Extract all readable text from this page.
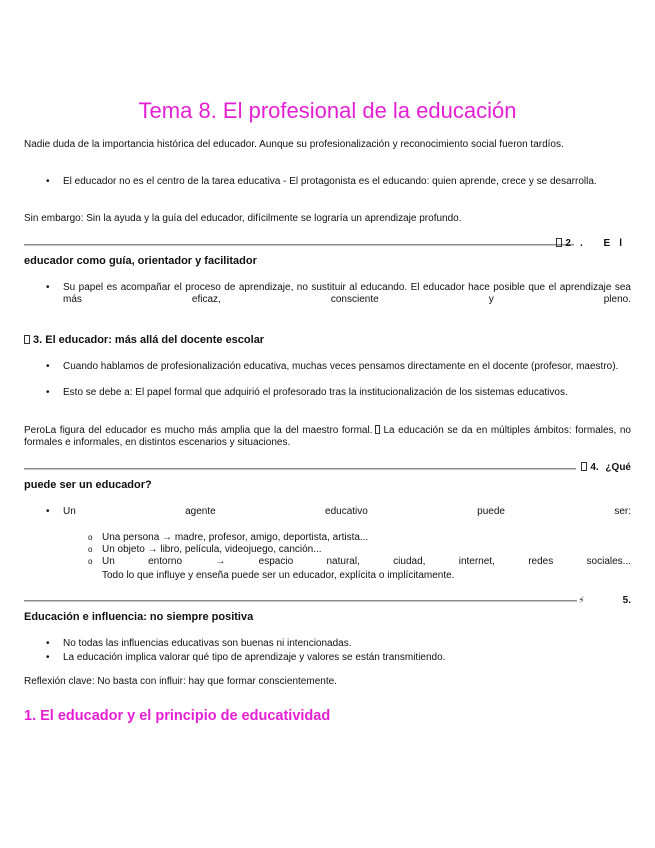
Tema 8. El profesional de la educación

Nadie duda de la importancia histórica del educador. Aunque su profesionalización y reconocimiento social fueron tardíos.

• El educador no es el centro de la tarea educativa - El protagonista es el educando: quien aprende, crece y se desarrolla.

Sin embargo: Sin la ayuda y la guía del educador, difícilmente se lograría un aprendizaje profundo.

2. El
educador como guía, orientador y facilitador
• Su papel es acompañar el proceso de aprendizaje, no sustituir al educando. El educador hace posible que el aprendizaje sea más eficaz, consciente y pleno.
3. El educador: más allá del docente escolar
• Cuando hablamos de profesionalización educativa, muchas veces pensamos directamente en el docente (profesor, maestro).
• Esto se debe a: El papel formal que adquirió el profesorado tras la institucionalización de los sistemas educativos.

PeroLa figura del educador es mucho más amplia que la del maestro formal. La educación se da en múltiples ámbitos: formales, no formales e informales, en distintos escenarios y situaciones.

4. ¿Qué
puede ser un educador?
• Un agente educativo puede ser:
o Una persona → madre, profesor, amigo, deportista, artista...
o Un objeto → libro, película, videojuego, canción...
o Un entorno → espacio natural, ciudad, internet, redes sociales...

Todo lo que influye y enseña puede ser un educador, explícita o implícitamente.

⚡	5.
Educación e influencia: no siempre positiva
• No todas las influencias educativas son buenas ni intencionadas.
• La educación implica valorar qué tipo de aprendizaje y valores se están transmitiendo.

Reflexión clave: No basta con influir: hay que formar conscientemente.

1. El educador y el principio de educatividad
